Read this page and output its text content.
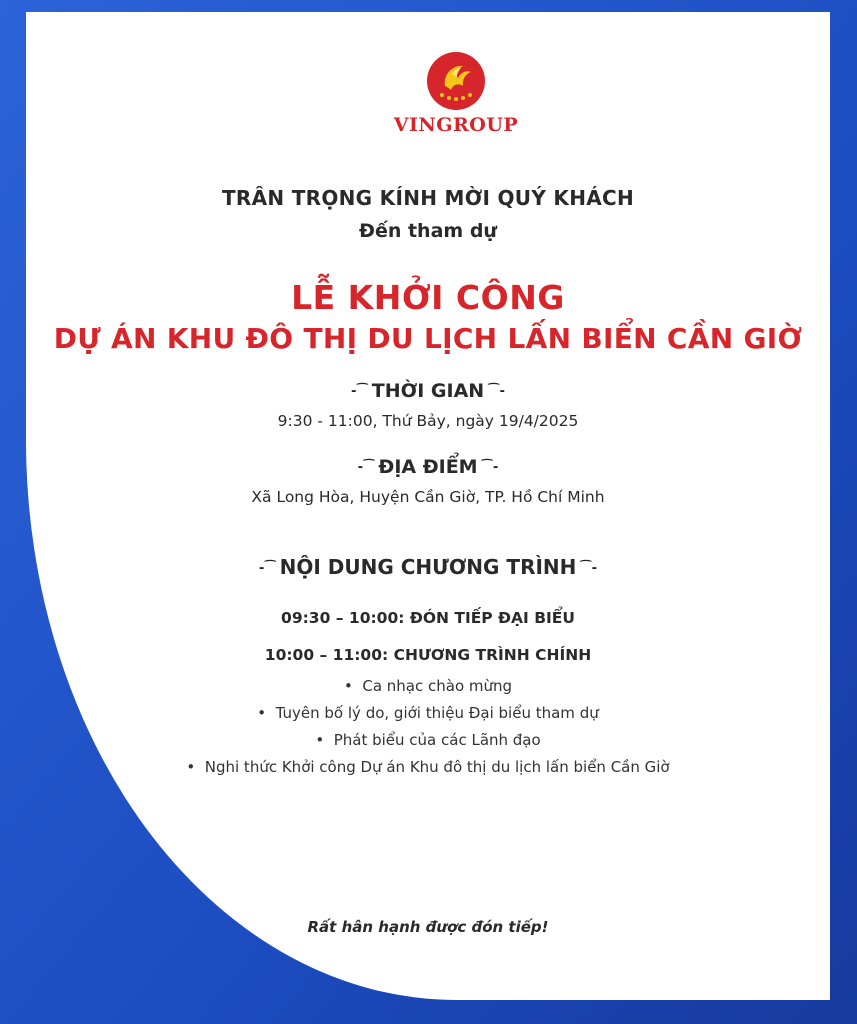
VINGROUP
TRÂN TRỌNG KÍNH MỜI QUÝ KHÁCH
Đến tham dự
LỄ KHỞI CÔNG
DỰ ÁN KHU ĐÔ THỊ DU LỊCH LẤN BIỂN CẦN GIỜ
⁃⁀ THỜI GIAN ⁀⁃
9:30 - 11:00, Thứ Bảy, ngày 19/4/2025
⁃⁀ ĐỊA ĐIỂM ⁀⁃
Xã Long Hòa, Huyện Cần Giờ, TP. Hồ Chí Minh
⁃⁀ NỘI DUNG CHƯƠNG TRÌNH ⁀⁃
09:30 – 10:00: ĐÓN TIẾP ĐẠI BIỂU
10:00 – 11:00: CHƯƠNG TRÌNH CHÍNH
•  Ca nhạc chào mừng
•  Tuyên bố lý do, giới thiệu Đại biểu tham dự
•  Phát biểu của các Lãnh đạo
•  Nghi thức Khởi công Dự án Khu đô thị du lịch lấn biển Cần Giờ
Rất hân hạnh được đón tiếp!
